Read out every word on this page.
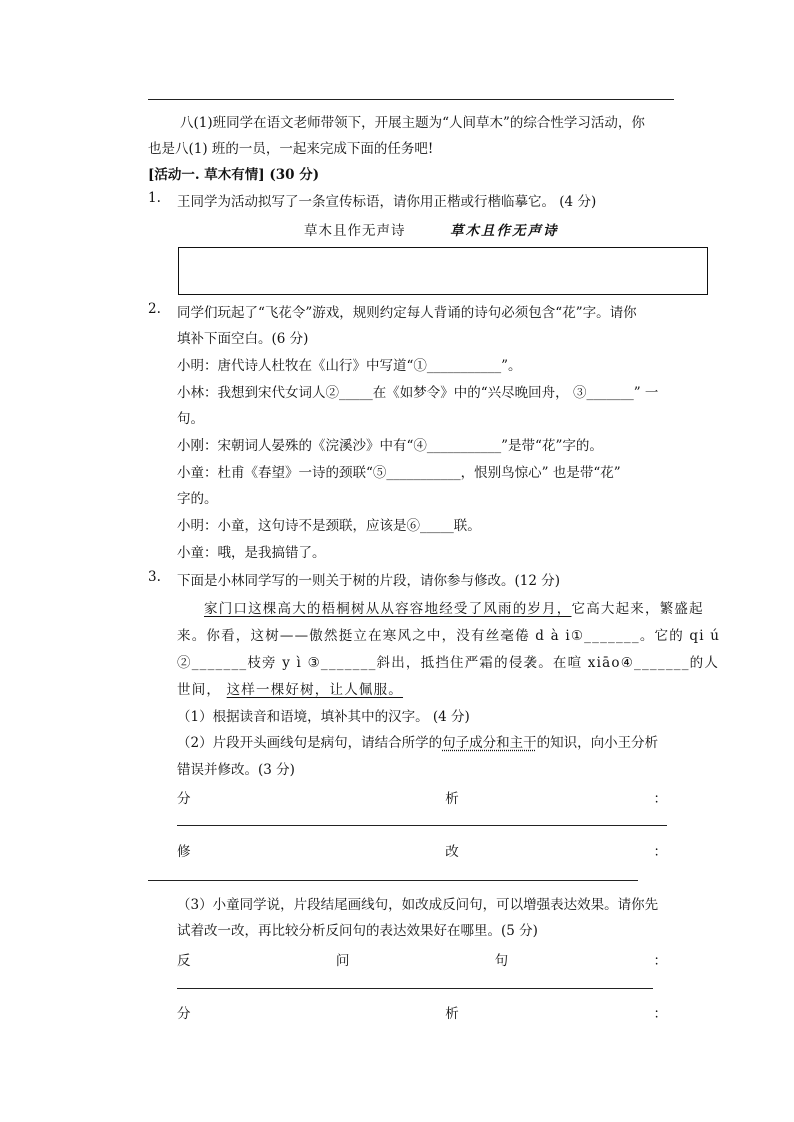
八(1)班同学在语文老师带领下，开展主题为“人间草木”的综合性学习活动，你
也是八(1) 班的一员，一起来完成下面的任务吧!
[活动一. 草木有情] (30 分)
1. 王同学为活动拟写了一条宣传标语，请你用正楷或行楷临摹它。 (4 分)
草木且作无声诗	草木且作无声诗
2. 同学们玩起了“飞花令”游戏，规则约定每人背诵的诗句必须包含“花”字。请你
填补下面空白。(6 分)
小明：唐代诗人杜牧在《山行》中写道“①___________”。
小林：我想到宋代女词人②_____在《如梦令》中的“兴尽晚回舟， ③_______” 一
句。
小刚：宋朝词人晏殊的《浣溪沙》中有“④___________”是带“花”字的。
小童：杜甫《春望》一诗的颈联“⑤___________，恨别鸟惊心” 也是带“花”
字的。
小明：小童，这句诗不是颈联，应该是⑥_____联。
小童：哦，是我搞错了。
3. 下面是小林同学写的一则关于树的片段，请你参与修改。(12 分)
家门口这棵高大的梧桐树从从容容地经受了风雨的岁月，它高大起来，繁盛起
来。你看，这树——傲然挺立在寒风之中，没有丝毫倦 d à i①_______。它的 qi ú
②_______枝旁 y ì ③_______斜出，抵挡住严霜的侵袭。在喧 xiāo④_______的人
世间， 这样一棵好树，让人佩服。
（1）根据读音和语境，填补其中的汉字。 (4 分)
（2）片段开头画线句是病句，请结合所学的句子成分和主干的知识，向小王分析
错误并修改。(3 分)
分	析	：
修	改	：
（3）小童同学说，片段结尾画线句，如改成反问句，可以增强表达效果。请你先
试着改一改，再比较分析反问句的表达效果好在哪里。(5 分)
反	问	句	：
分	析	：
